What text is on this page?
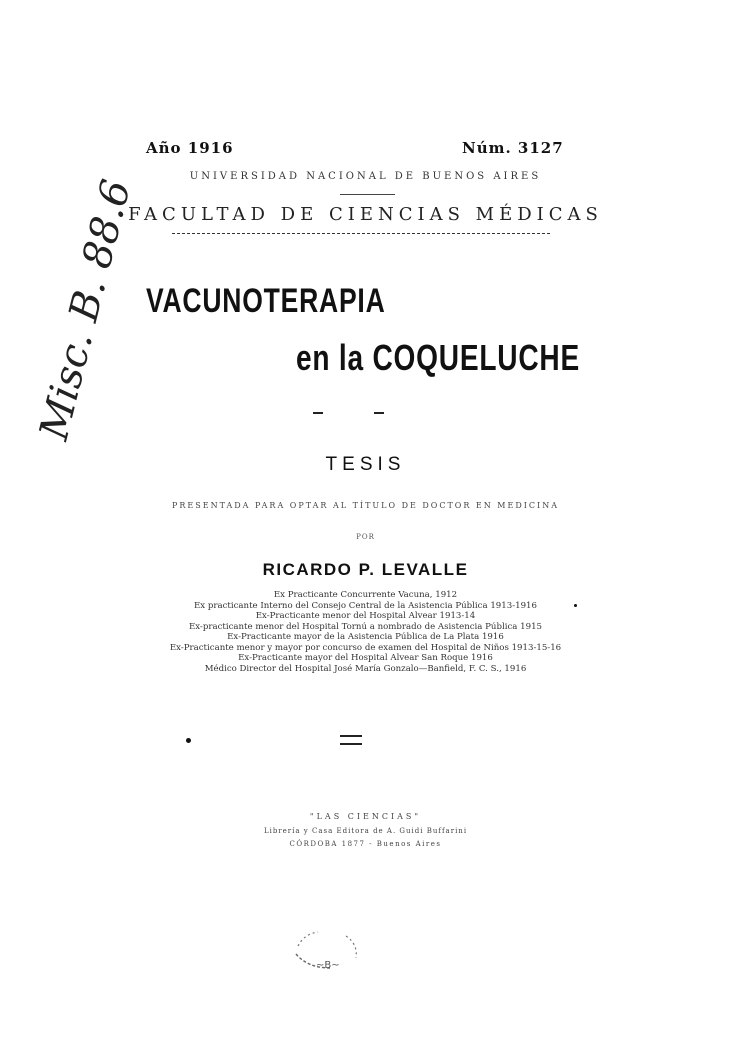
Año 1916	Núm. 3127
UNIVERSIDAD NACIONAL DE BUENOS AIRES
FACULTAD DE CIENCIAS MÉDICAS
VACUNOTERAPIA
en la COQUELUCHE
TESIS
PRESENTADA PARA OPTAR AL TÍTULO DE DOCTOR EN MEDICINA
POR
RICARDO P. LEVALLE
Ex Practicante Concurrente Vacuna, 1912
Ex practicante Interno del Consejo Central de la Asistencia Pública 1913-1916
Ex-Practicante menor del Hospital Alvear 1913-14
Ex-practicante menor del Hospital Tornú a nombrado de Asistencia Pública 1915
Ex-Practicante mayor de la Asistencia Pública de La Plata 1916
Ex-Practicante menor y mayor por concurso de examen del Hospital de Niños 1913-15-16
Ex-Practicante mayor del Hospital Alvear San Roque 1916
Médico Director del Hospital José María Gonzalo—Banfield, F. C. S., 1916
"LAS CIENCIAS"
Librería y Casa Editora de A. Guidi Buffarini
CÓRDOBA 1877 - Buenos Aires
~B~
Misc. B. 88.6
